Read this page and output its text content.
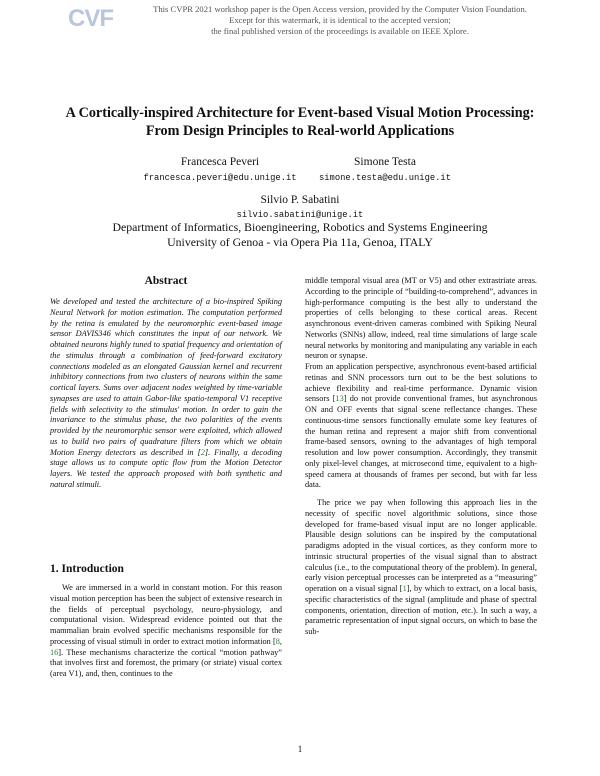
CVF	This CVPR 2021 workshop paper is the Open Access version, provided by the Computer Vision Foundation.
Except for this watermark, it is identical to the accepted version;
the final published version of the proceedings is available on IEEE Xplore.
A Cortically-inspired Architecture for Event-based Visual Motion Processing:
From Design Principles to Real-world Applications
Francesca Peveri
francesca.peveri@edu.unige.it
Simone Testa
simone.testa@edu.unige.it
Silvio P. Sabatini
silvio.sabatini@unige.it
Department of Informatics, Bioengineering, Robotics and Systems Engineering
University of Genoa - via Opera Pia 11a, Genoa, ITALY
Abstract
We developed and tested the architecture of a bio-inspired Spiking Neural Network for motion estimation. The computation performed by the retina is emulated by the neuromorphic event-based image sensor DAVIS346 which constitutes the input of our network. We obtained neurons highly tuned to spatial frequency and orientation of the stimulus through a combination of feed-forward excitatory connections modeled as an elongated Gaussian kernel and recurrent inhibitory connections from two clusters of neurons within the same cortical layers. Sums over adjacent nodes weighted by time-variable synapses are used to attain Gabor-like spatio-temporal V1 receptive fields with selectivity to the stimulus' motion. In order to gain the invariance to the stimulus phase, the two polarities of the events provided by the neuromorphic sensor were exploited, which allowed us to build two pairs of quadrature filters from which we obtain Motion Energy detectors as described in [2]. Finally, a decoding stage allows us to compute optic flow from the Motion Detector layers. We tested the approach proposed with both synthetic and natural stimuli.
1. Introduction
We are immersed in a world in constant motion. For this reason visual motion perception has been the subject of extensive research in the fields of perceptual psychology, neuro-physiology, and computational vision. Widespread evidence pointed out that the mammalian brain evolved specific mechanisms responsible for the processing of visual stimuli in order to extract motion information [8, 16]. These mechanisms characterize the cortical “motion pathway” that involves first and foremost, the primary (or striate) visual cortex (area V1), and, then, continues to the

middle temporal visual area (MT or V5) and other extrastriate areas. According to the principle of “building-to-comprehend”, advances in high-performance computing is the best ally to understand the properties of cells belonging to these cortical areas. Recent asynchronous event-driven cameras combined with Spiking Neural Networks (SNNs) allow, indeed, real time simulations of large scale neural networks by monitoring and manipulating any variable in each neuron or synapse.

From an application perspective, asynchronous event-based artificial retinas and SNN processors turn out to be the best solutions to achieve flexibility and real-time performance. Dynamic vision sensors [13] do not provide conventional frames, but asynchronous ON and OFF events that signal scene reflectance changes. These continuous-time sensors functionally emulate some key features of the human retina and represent a major shift from conventional frame-based sensors, owning to the advantages of high temporal resolution and low power consumption. Accordingly, they transmit only pixel-level changes, at microsecond time, equivalent to a high-speed camera at thousands of frames per second, but with far less data.

The price we pay when following this approach lies in the necessity of specific novel algorithmic solutions, since those developed for frame-based visual input are no longer applicable. Plausible design solutions can be inspired by the computational paradigms adopted in the visual cortices, as they conform more to intrinsic structural properties of the visual signal than to abstract calculus (i.e., to the computational theory of the problem). In general, early vision perceptual processes can be interpreted as a “measuring” operation on a visual signal [1], by which to extract, on a local basis, specific characteristics of the signal (amplitude and phase of spectral components, orientation, direction of motion, etc.). In such a way, a parametric representation of input signal occurs, on which to base the sub-

1
